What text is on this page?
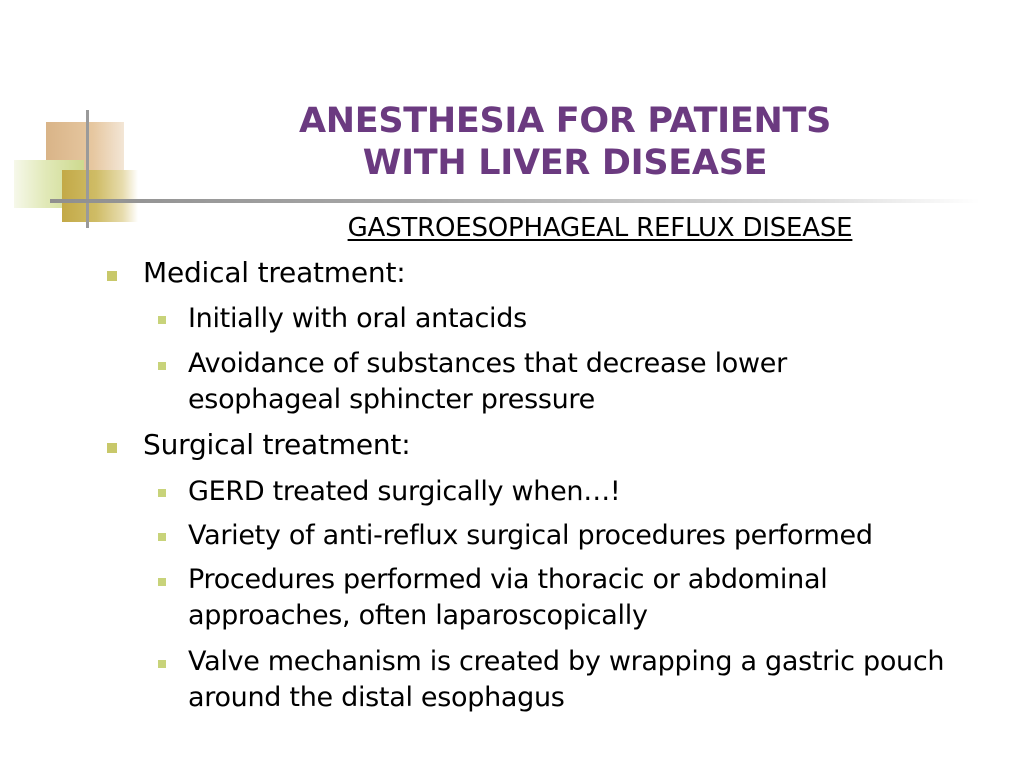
ANESTHESIA FOR PATIENTS
WITH LIVER DISEASE
GASTROESOPHAGEAL REFLUX DISEASE
Medical treatment:
Initially with oral antacids
Avoidance of substances that decrease lower esophageal sphincter pressure
Surgical treatment:
GERD treated surgically when…!
Variety of anti-reflux surgical procedures performed
Procedures performed via thoracic or abdominal approaches, often laparoscopically
Valve mechanism is created by wrapping a gastric pouch around the distal esophagus
